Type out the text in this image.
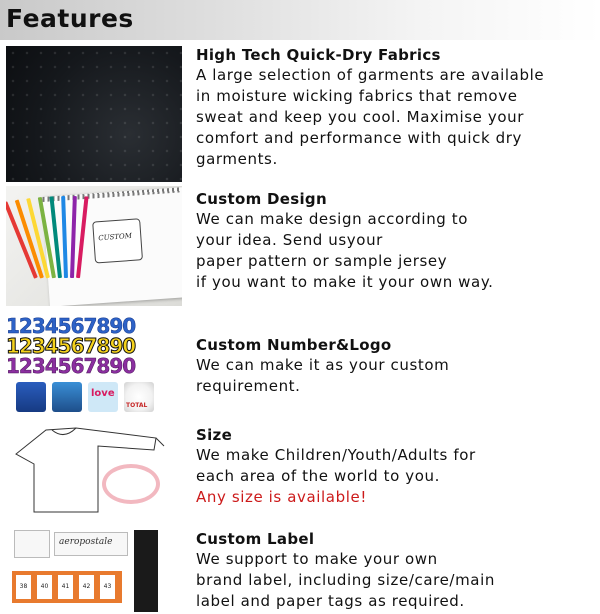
Features
High Tech Quick-Dry Fabrics
A large selection of garments are available
in moisture wicking fabrics that remove
sweat and keep you cool. Maximise your
comfort and performance with quick dry
garments.
CUSTOM
Custom Design
We can make design according to
your idea. Send usyour
paper pattern or sample jersey
if you want to make it your own way.
1234567890
1234567890
1234567890
love
TOTAL
Custom Number&Logo
We can make it as your custom
requirement.
Size
We make Children/Youth/Adults for
each area of the world to you.
Any size is available!
aeropostale
38	40	41	42	43
Custom Label
We support to make your own
brand label, including size/care/main
label and paper tags as required.
